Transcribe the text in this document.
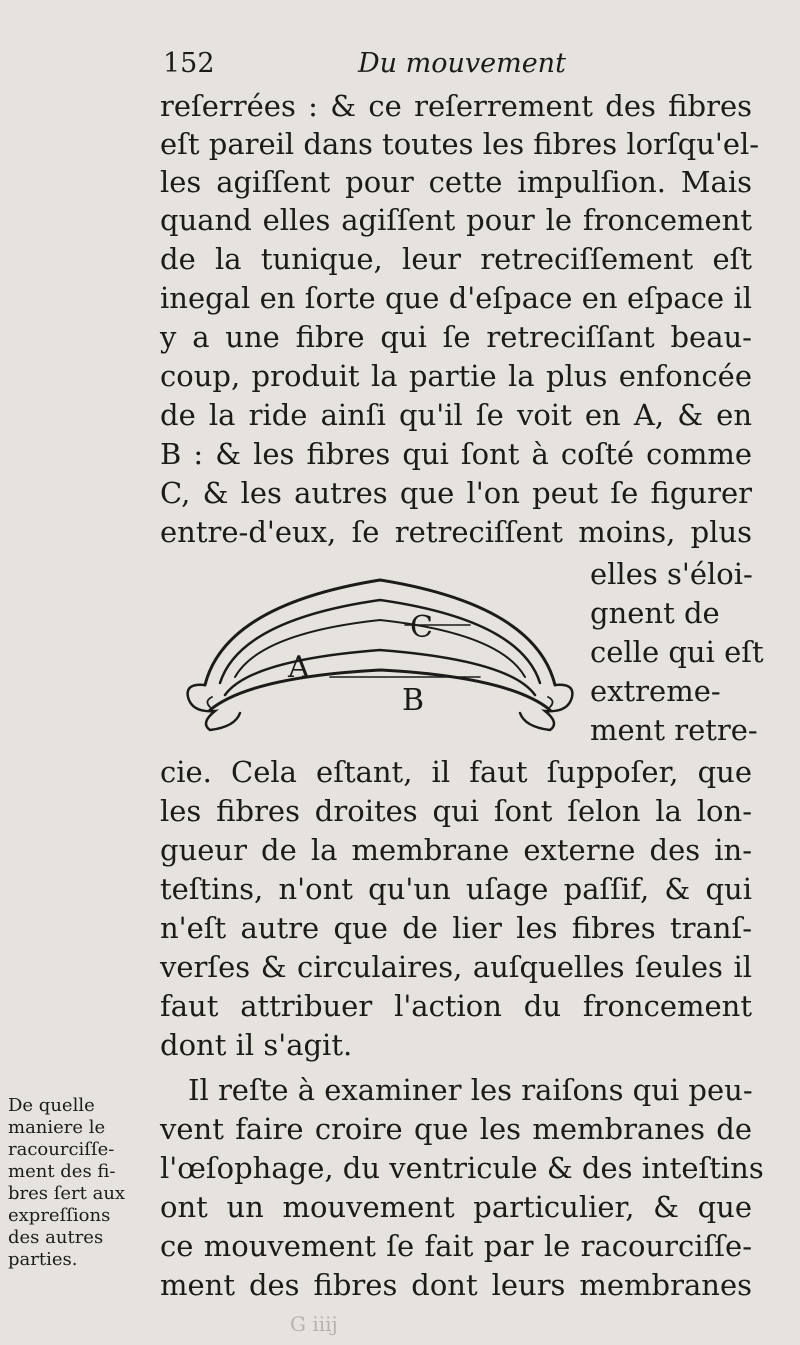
152	Du mouvement
reſerrées : & ce reſerrement des fibres
eſt pareil dans toutes les fibres lorſqu'el-
les agiſſent pour cette impulſion. Mais
quand elles agiſſent pour le froncement
de la tunique, leur retreciſſement eſt
inegal en ſorte que d'eſpace en eſpace il
y a une fibre qui ſe retreciſſant beau-
coup, produit la partie la plus enfoncée
de la ride ainſi qu'il ſe voit en A, & en
B : & les fibres qui ſont à coſté comme
C, & les autres que l'on peut ſe figurer
entre-d'eux, ſe retreciſſent moins, plus
elles s'éloi-
gnent de
celle qui eſt
extreme-
ment retre-
A
B
C
cie. Cela eſtant, il faut ſuppoſer, que
les fibres droites qui ſont ſelon la lon-
gueur de la membrane externe des in-
teſtins, n'ont qu'un uſage paſſif, & qui
n'eſt autre que de lier les fibres tranſ-
verſes & circulaires, auſquelles ſeules il
faut attribuer l'action du froncement
dont il s'agit.
Il reſte à examiner les raiſons qui peu-
vent faire croire que les membranes de
l'œſophage, du ventricule & des inteſtins
ont un mouvement particulier, & que
ce mouvement ſe fait par le racourciſſe-
ment des fibres dont leurs membranes
De quelle
maniere le
racourciſſe-
ment des fi-
bres ſert aux
expreſſions
des autres
parties.
G iiij
